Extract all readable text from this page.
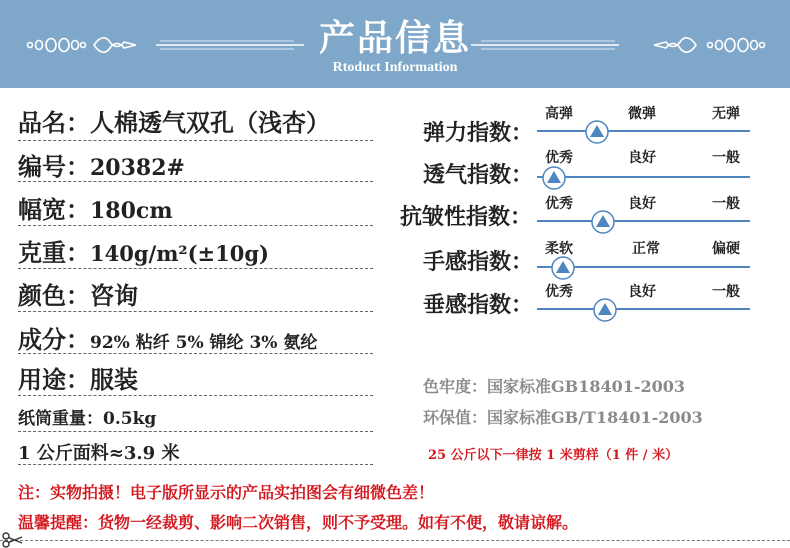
产品信息
Rtoduct Information
品名：人棉透气双孔（浅杏）
编号：20382#
幅宽：180cm
克重：140g/m²(±10g)
颜色：咨询
成分：92% 粘纤 5% 锦纶 3% 氨纶
用途：服装
纸筒重量：0.5kg
1 公斤面料≈3.9 米
弹力指数：
高弹	微弹	无弹
透气指数：
优秀	良好	一般
抗皱性指数： 优秀	良好	一般
手感指数： 柔软	正常	偏硬
垂感指数： 优秀	良好	一般
色牢度：国家标准GB18401-2003
环保值：国家标准GB/T18401-2003
25 公斤以下一律按 1 米剪样（1 件 / 米）
注：实物拍摄！电子版所显示的产品实拍图会有细微色差！
温馨提醒：货物一经裁剪、影响二次销售，则不予受理。如有不便，敬请谅解。
